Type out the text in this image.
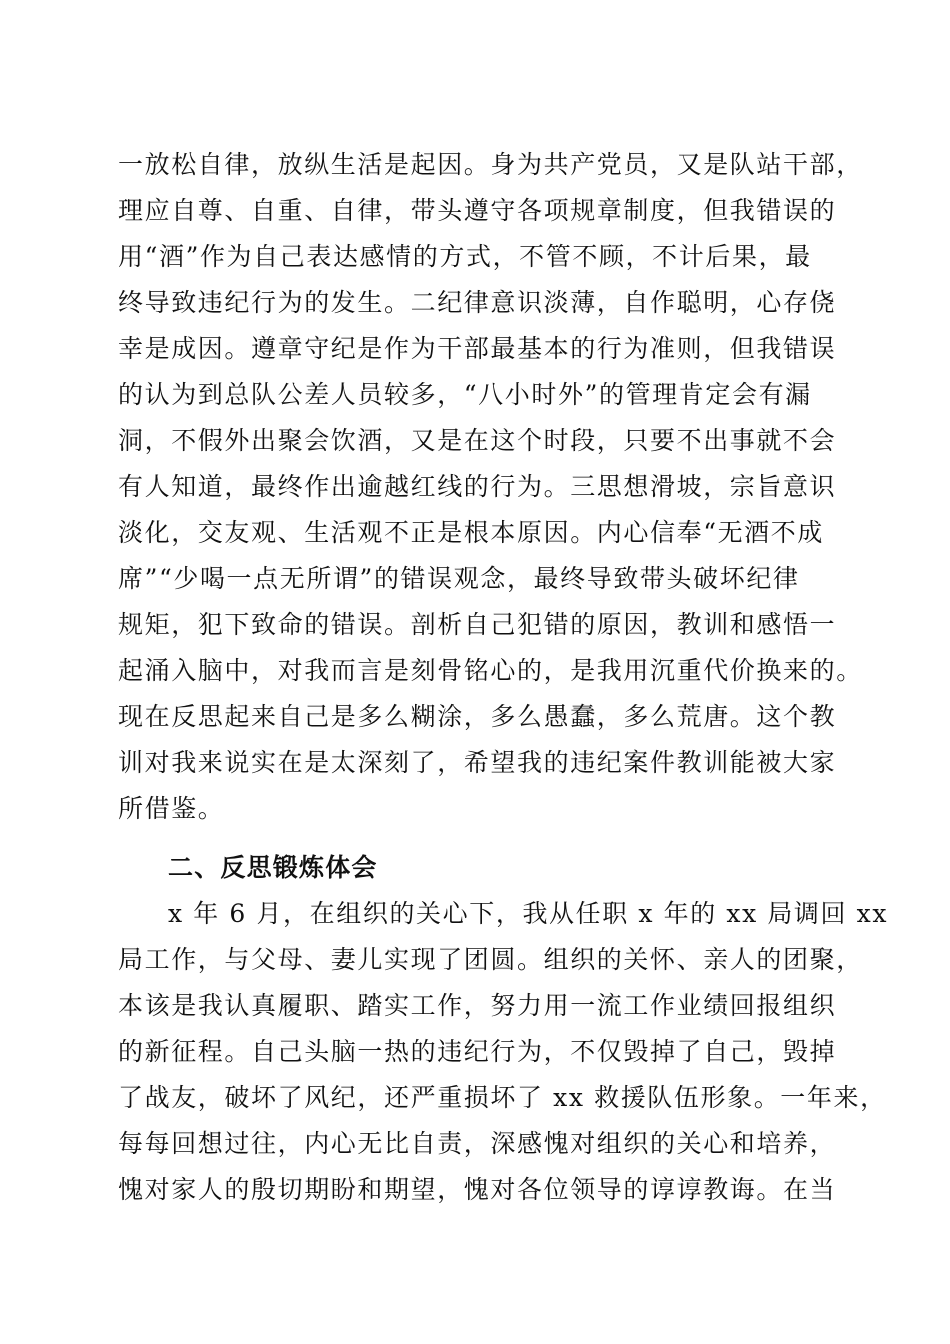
一放松自律，放纵生活是起因。身为共产党员，又是队站干部，

理应自尊、自重、自律，带头遵守各项规章制度，但我错误的

用“酒”作为自己表达感情的方式，不管不顾，不计后果，最

终导致违纪行为的发生。二纪律意识淡薄，自作聪明，心存侥

幸是成因。遵章守纪是作为干部最基本的行为准则，但我错误

的认为到总队公差人员较多，“八小时外”的管理肯定会有漏

洞，不假外出聚会饮酒，又是在这个时段，只要不出事就不会

有人知道，最终作出逾越红线的行为。三思想滑坡，宗旨意识

淡化，交友观、生活观不正是根本原因。内心信奉“无酒不成

席”“少喝一点无所谓”的错误观念，最终导致带头破坏纪律

规矩，犯下致命的错误。剖析自己犯错的原因，教训和感悟一

起涌入脑中，对我而言是刻骨铭心的，是我用沉重代价换来的。

现在反思起来自己是多么糊涂，多么愚蠢，多么荒唐。这个教

训对我来说实在是太深刻了，希望我的违纪案件教训能被大家

所借鉴。

二、反思锻炼体会

x 年 6 月，在组织的关心下，我从任职 x 年的 xx 局调回 xx

局工作，与父母、妻儿实现了团圆。组织的关怀、亲人的团聚，

本该是我认真履职、踏实工作，努力用一流工作业绩回报组织

的新征程。自己头脑一热的违纪行为，不仅毁掉了自己，毁掉

了战友，破坏了风纪，还严重损坏了 xx 救援队伍形象。一年来，

每每回想过往，内心无比自责，深感愧对组织的关心和培养，

愧对家人的殷切期盼和期望，愧对各位领导的谆谆教诲。在当
